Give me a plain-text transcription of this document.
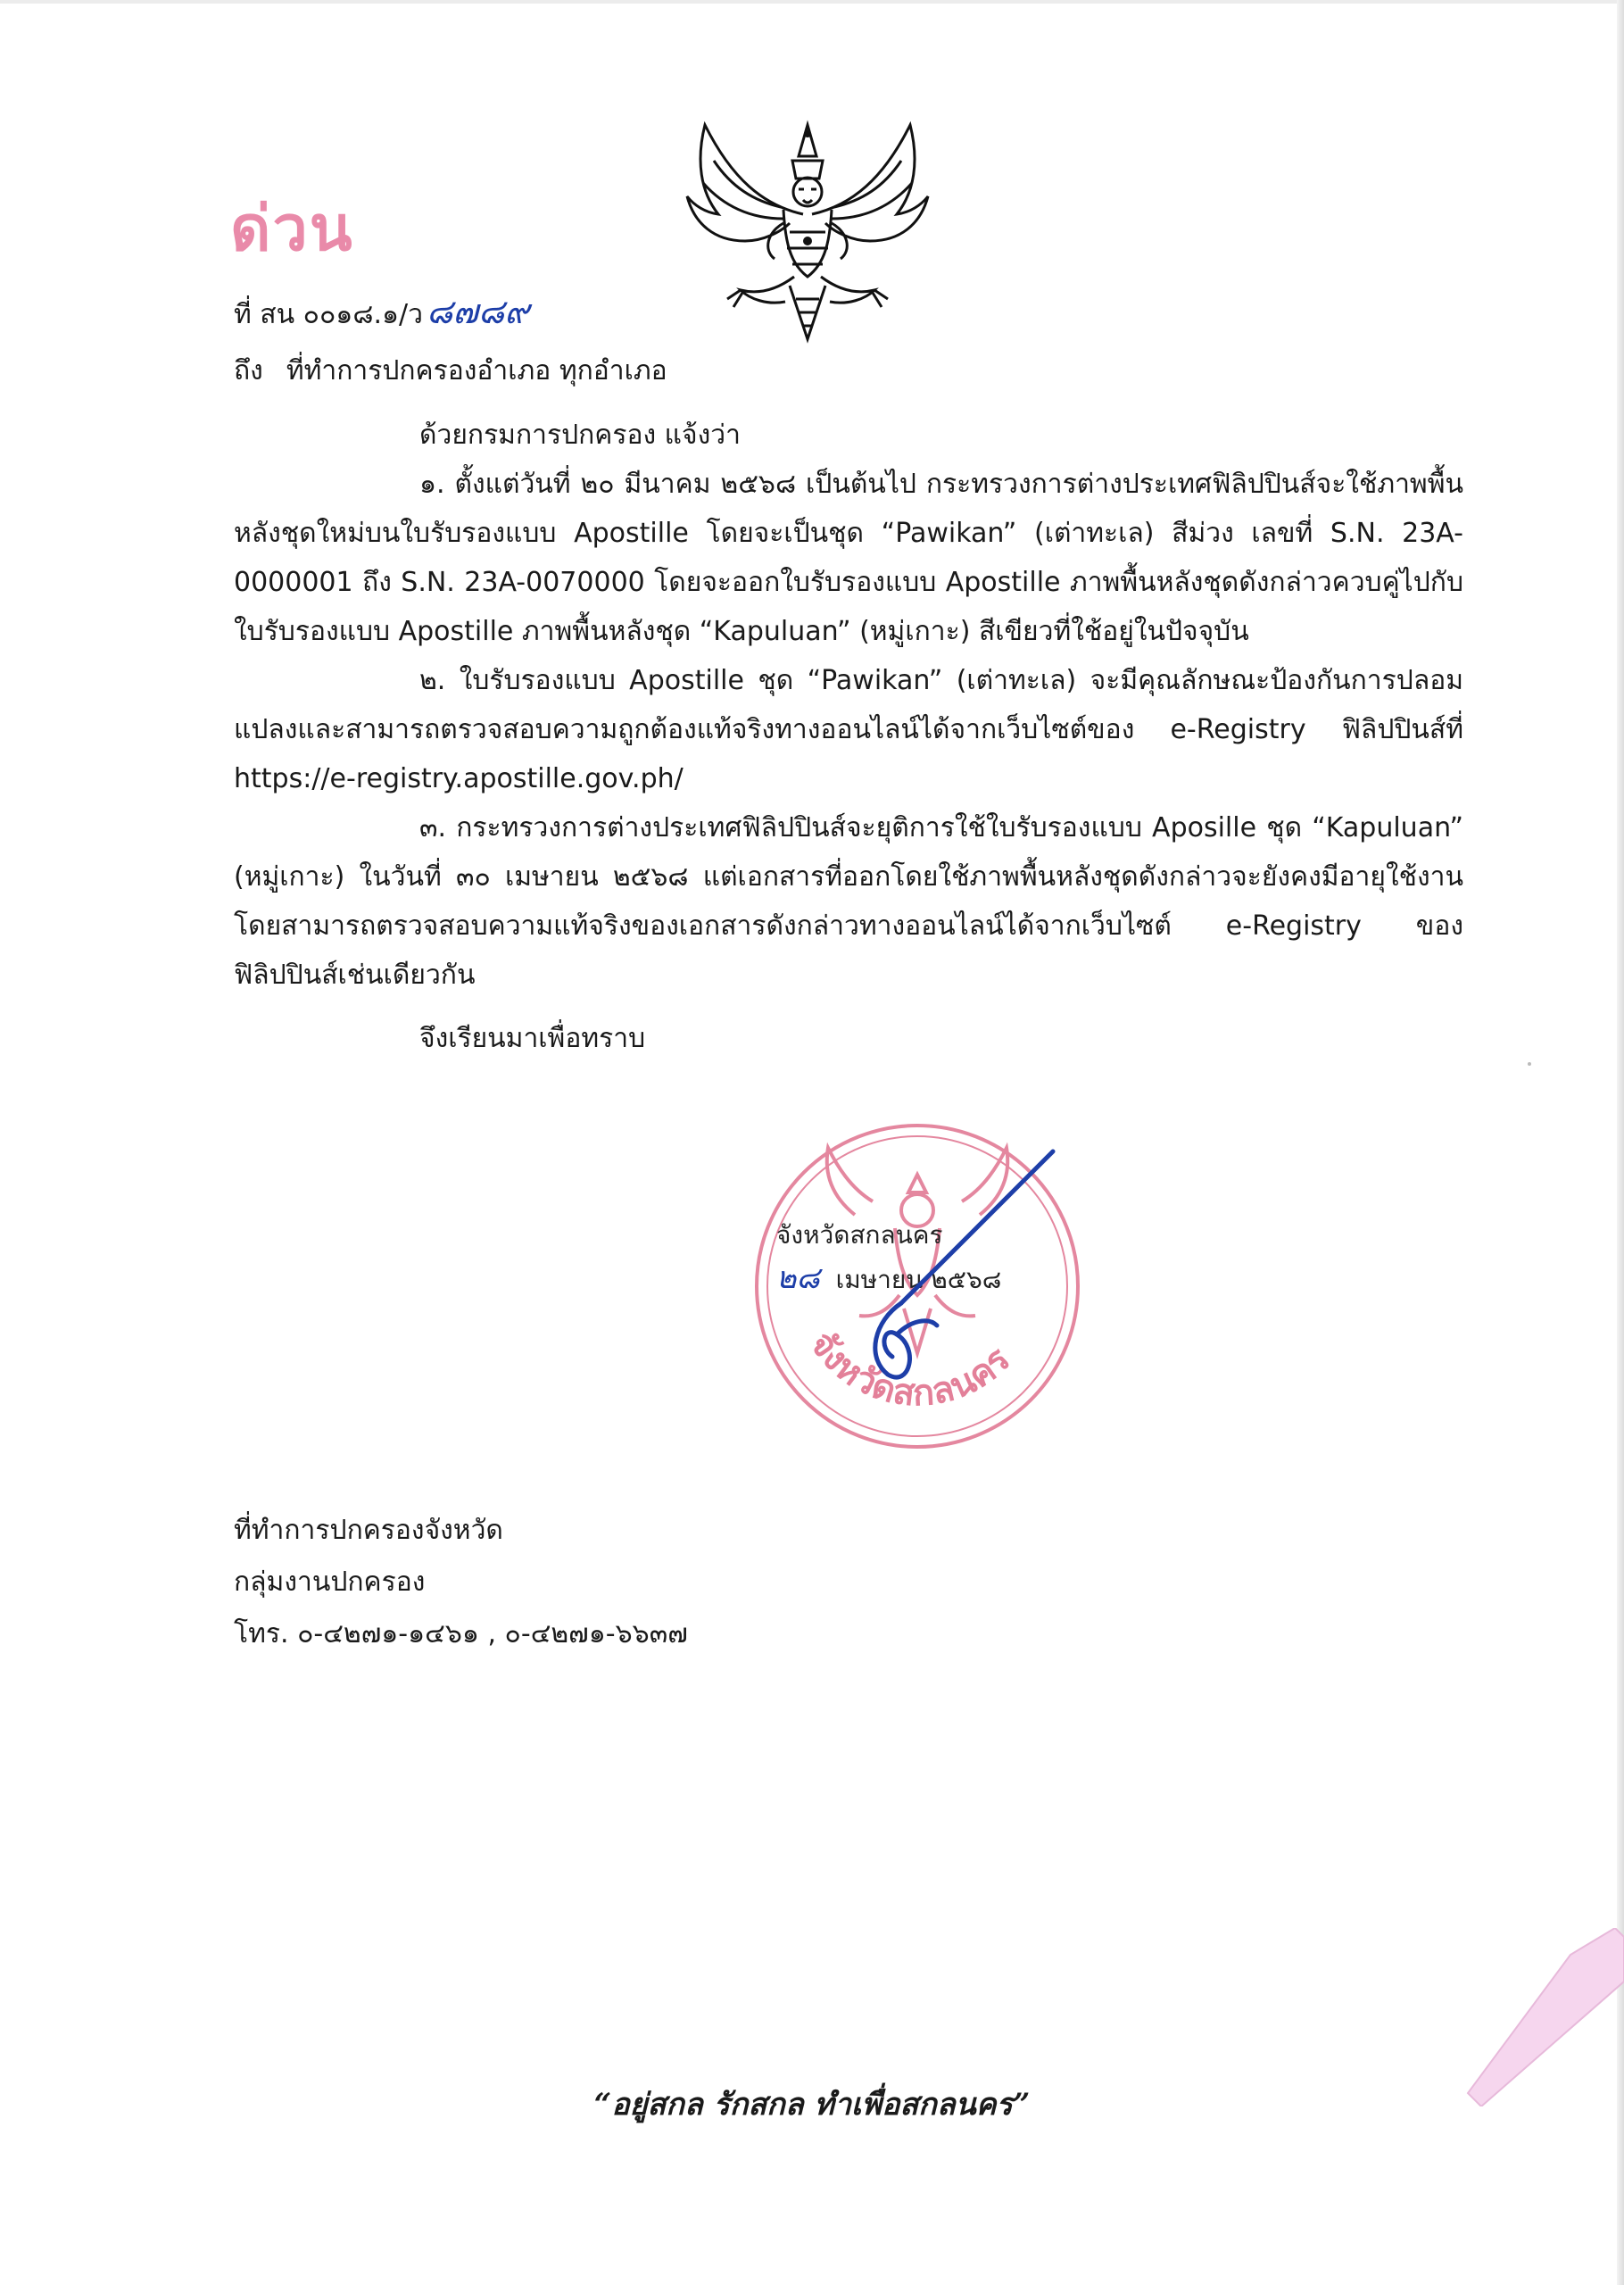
ด่วน
ที่ สน ๐๐๑๘.๑/ว ๘๗๘๙
ถึง ที่ทำการปกครองอำเภอ ทุกอำเภอ

ด้วยกรมการปกครอง แจ้งว่า

๑. ตั้งแต่วันที่ ๒๐ มีนาคม ๒๕๖๘ เป็นต้นไป กระทรวงการต่างประเทศฟิลิปปินส์จะใช้ภาพพื้นหลังชุดใหม่บนใบรับรองแบบ Apostille โดยจะเป็นชุด “Pawikan” (เต่าทะเล) สีม่วง เลขที่ S.N. 23A-0000001 ถึง S.N. 23A-0070000 โดยจะออกใบรับรองแบบ Apostille ภาพพื้นหลังชุดดังกล่าวควบคู่ไปกับใบรับรองแบบ Apostille ภาพพื้นหลังชุด “Kapuluan” (หมู่เกาะ) สีเขียวที่ใช้อยู่ในปัจจุบัน

๒. ใบรับรองแบบ Apostille ชุด “Pawikan” (เต่าทะเล) จะมีคุณลักษณะป้องกันการปลอมแปลงและสามารถตรวจสอบความถูกต้องแท้จริงทางออนไลน์ได้จากเว็บไซต์ของ e-Registry ฟิลิปปินส์ที่ https://e-registry.apostille.gov.ph/

๓. กระทรวงการต่างประเทศฟิลิปปินส์จะยุติการใช้ใบรับรองแบบ Aposille ชุด “Kapuluan” (หมู่เกาะ) ในวันที่ ๓๐ เมษายน ๒๕๖๘ แต่เอกสารที่ออกโดยใช้ภาพพื้นหลังชุดดังกล่าวจะยังคงมีอายุใช้งานโดยสามารถตรวจสอบความแท้จริงของเอกสารดังกล่าวทางออนไลน์ได้จากเว็บไซต์ e-Registry ของฟิลิปปินส์เช่นเดียวกัน

จึงเรียนมาเพื่อทราบ
จังหวัดสกลนคร
จังหวัดสกลนคร
๒๘ เมษายน ๒๕๖๘
ที่ทำการปกครองจังหวัด
กลุ่มงานปกครอง
โทร. ๐-๔๒๗๑-๑๔๖๑ , ๐-๔๒๗๑-๖๖๓๗
“อยู่สกล รักสกล ทำเพื่อสกลนคร”
